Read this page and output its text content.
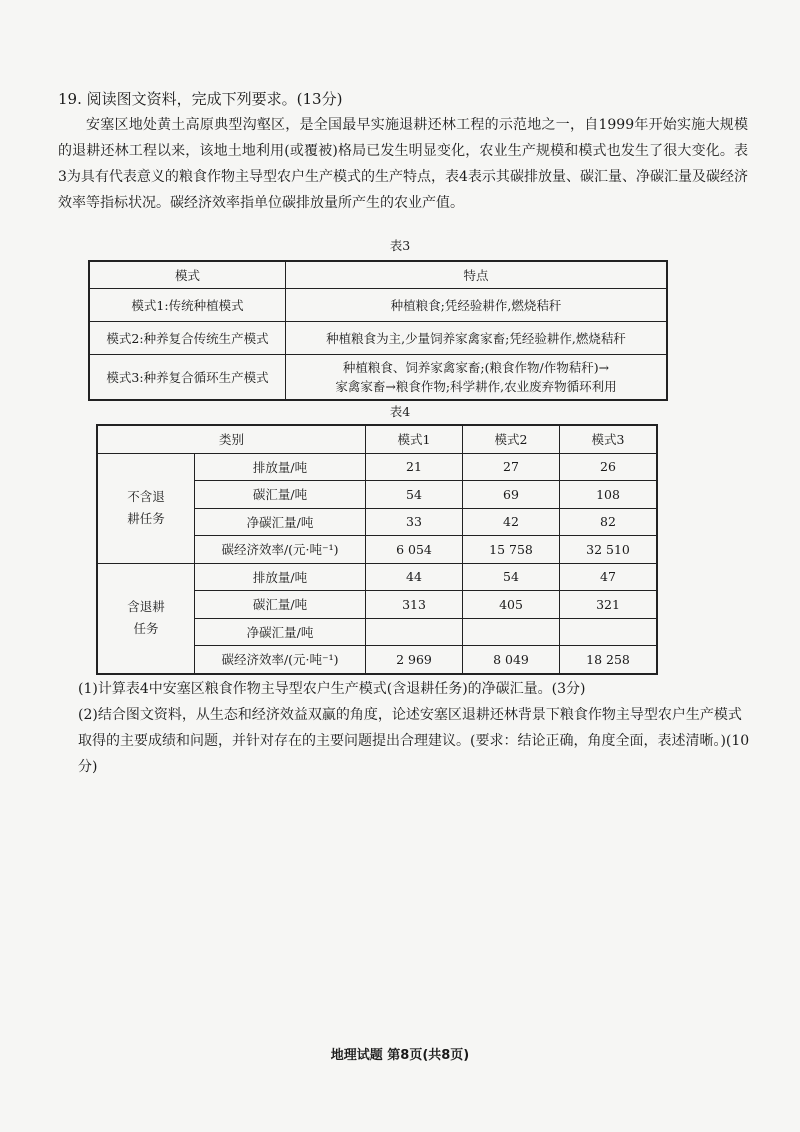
19. 阅读图文资料，完成下列要求。(13分)
安塞区地处黄土高原典型沟壑区，是全国最早实施退耕还林工程的示范地之一，自1999年开始实施大规模的退耕还林工程以来，该地土地利用(或覆被)格局已发生明显变化，农业生产规模和模式也发生了很大变化。表3为具有代表意义的粮食作物主导型农户生产模式的生产特点，表4表示其碳排放量、碳汇量、净碳汇量及碳经济效率等指标状况。碳经济效率指单位碳排放量所产生的农业产值。
表3
模式	特点
模式1:传统种植模式	种植粮食;凭经验耕作,燃烧秸秆
模式2:种养复合传统生产模式	种植粮食为主,少量饲养家禽家畜;凭经验耕作,燃烧秸秆
模式3:种养复合循环生产模式	种植粮食、饲养家禽家畜;(粮食作物/作物秸秆)→
家禽家畜→粮食作物;科学耕作,农业废弃物循环利用
表4
类别		模式1	模式2	模式3

不含退
耕任务	排放量/吨	21	27	26
	碳汇量/吨	54	69	108
	净碳汇量/吨	33	42	82
	碳经济效率/(元·吨⁻¹)	6 054	15 758	32 510

含退耕
任务	排放量/吨	44	54	47
	碳汇量/吨	313	405	321
	净碳汇量/吨			
	碳经济效率/(元·吨⁻¹)	2 969	8 049	18 258
(1)计算表4中安塞区粮食作物主导型农户生产模式(含退耕任务)的净碳汇量。(3分)
(2)结合图文资料，从生态和经济效益双赢的角度，论述安塞区退耕还林背景下粮食作物主导型农户生产模式取得的主要成绩和问题，并针对存在的主要问题提出合理建议。(要求：结论正确，角度全面，表述清晰。)(10分)
地理试题 第8页(共8页)
